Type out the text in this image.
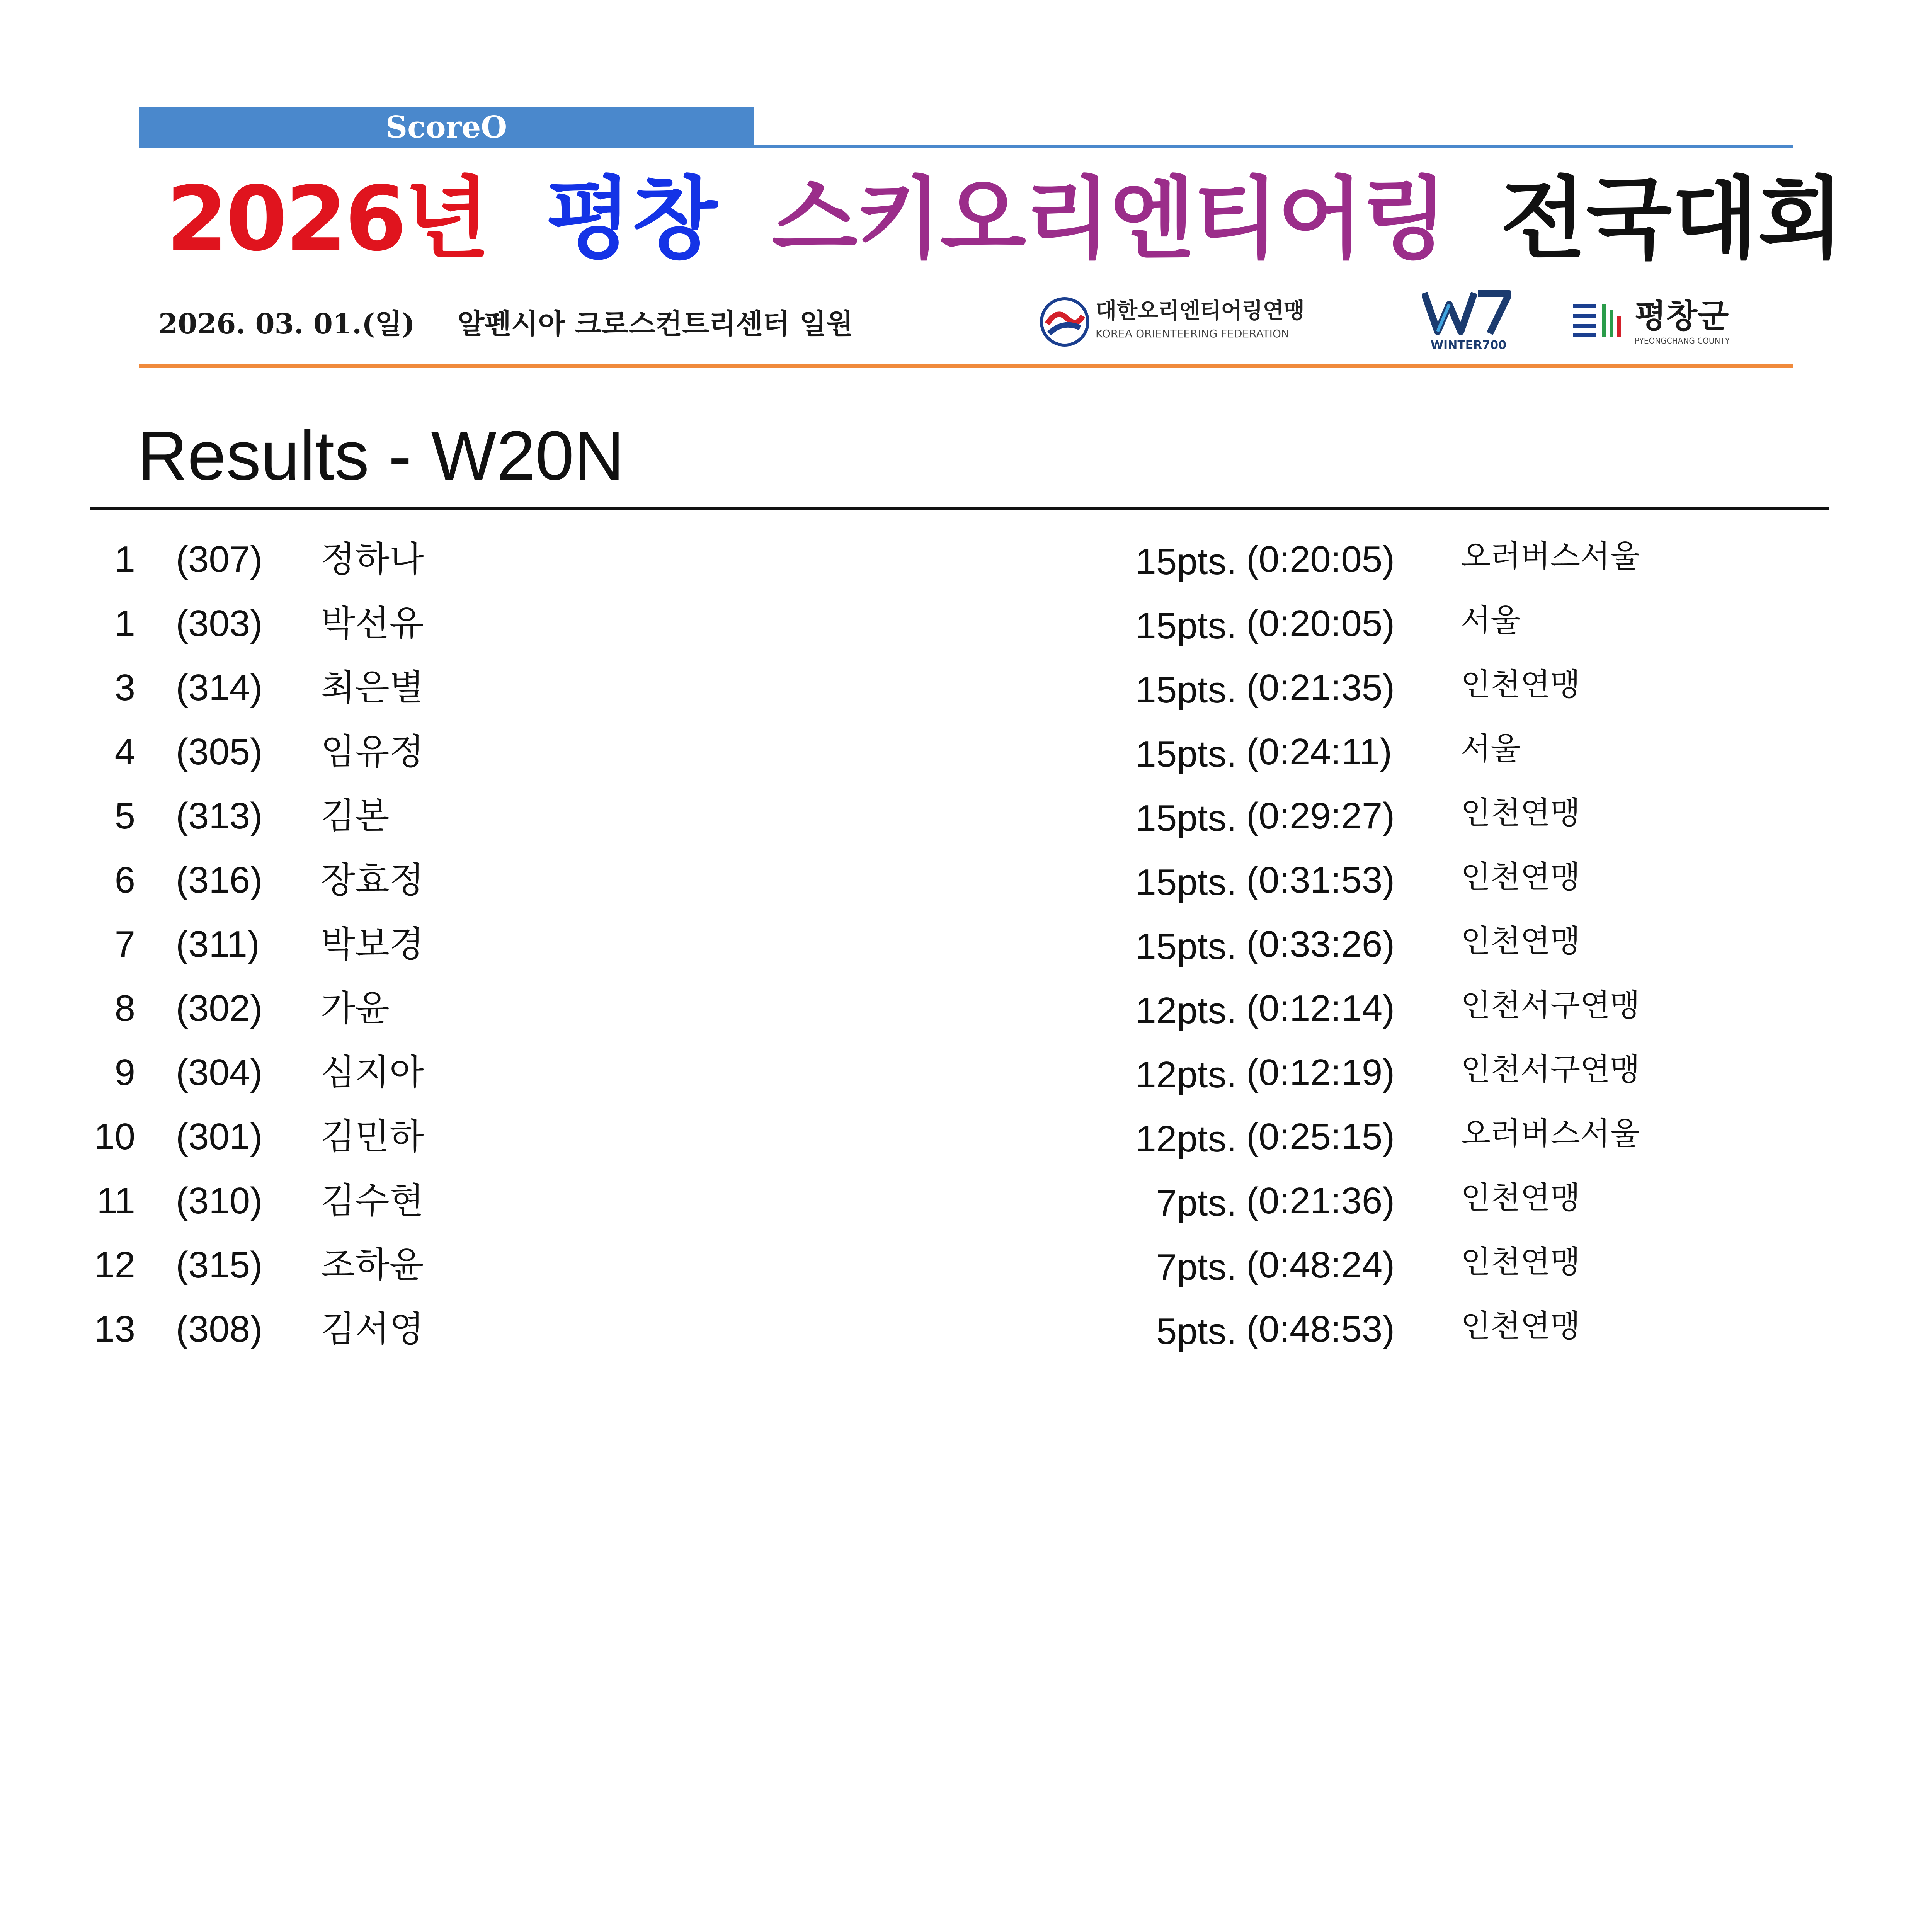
ScoreO
2026년 평창 스키오리엔티어링 전국대회
2026. 03. 01.(일) 알펜시아 크로스컨트리센터 일원	대한오리엔티어링연맹
KOREA ORIENTEERING FEDERATION
WINTER700
평창군
PYEONGCHANG COUNTY
Results - W20N
1 (307) 정하나	15pts. (0:20:05) 오러버스서울
1 (303) 박선유	15pts. (0:20:05) 서울
3 (314) 최은별	15pts. (0:21:35) 인천연맹
4 (305) 임유정	15pts. (0:24:11) 서울
5 (313) 김본	15pts. (0:29:27) 인천연맹
6 (316) 장효정	15pts. (0:31:53) 인천연맹
7 (311) 박보경	15pts. (0:33:26) 인천연맹
8 (302) 가윤	12pts. (0:12:14) 인천서구연맹
9 (304) 심지아	12pts. (0:12:19) 인천서구연맹
10 (301) 김민하	12pts. (0:25:15) 오러버스서울
11 (310) 김수현	7pts. (0:21:36) 인천연맹
12 (315) 조하윤	7pts. (0:48:24) 인천연맹
13 (308) 김서영	5pts. (0:48:53) 인천연맹
